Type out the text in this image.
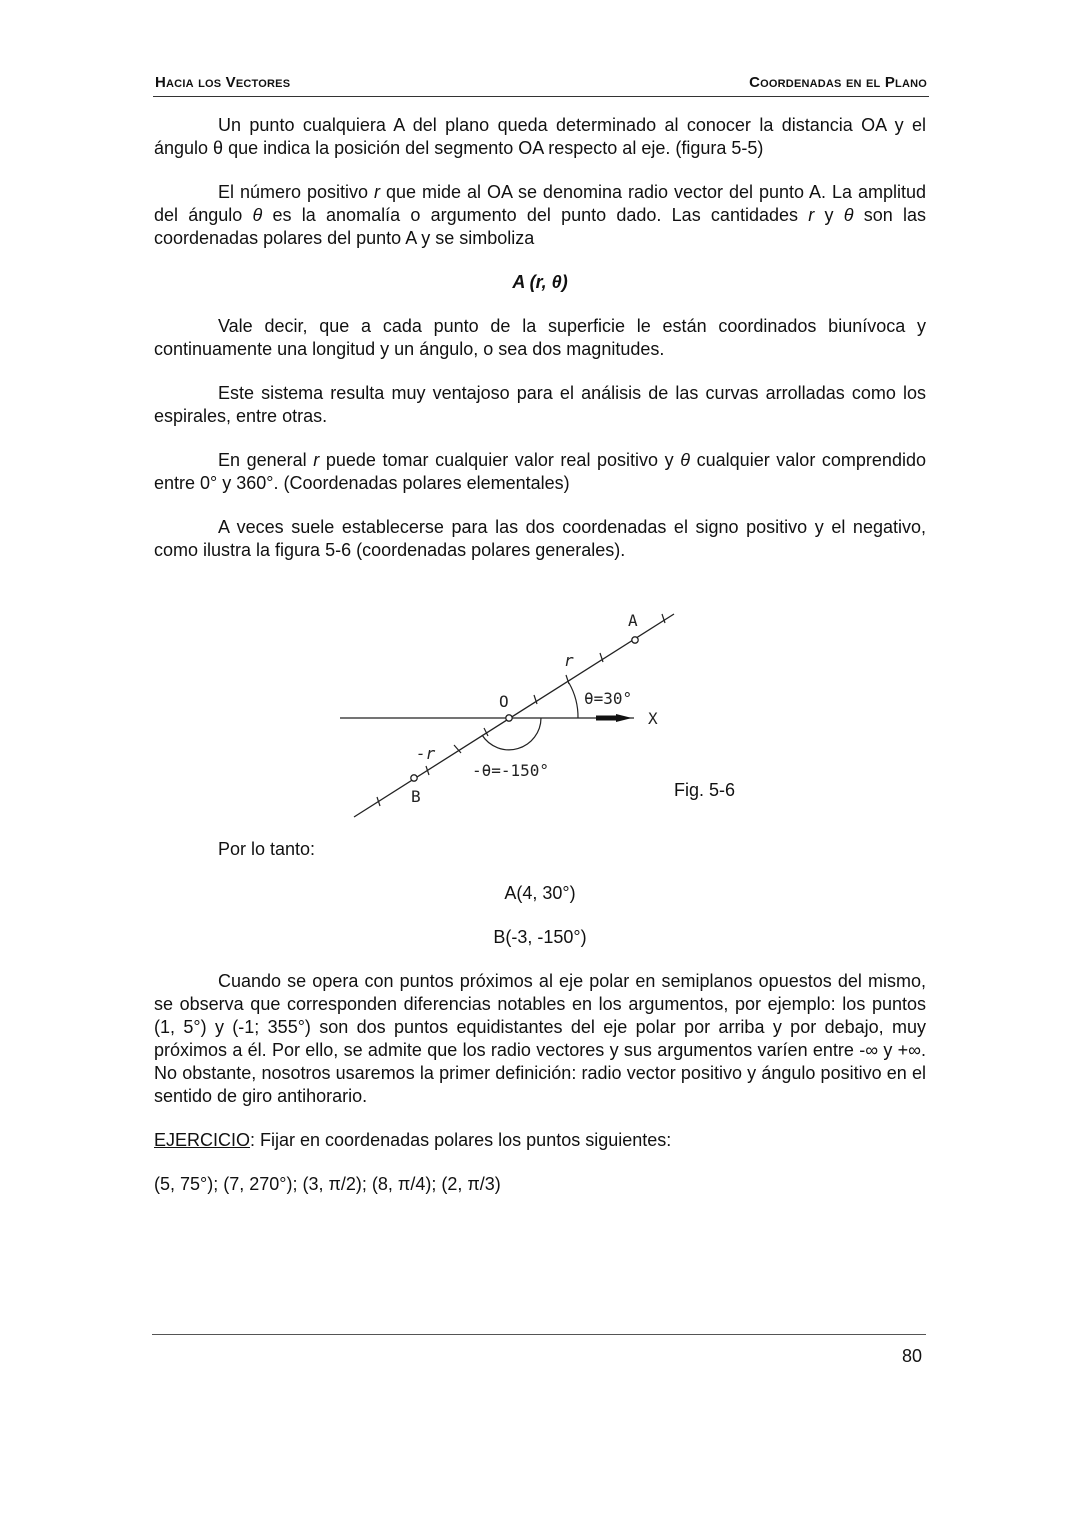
Hacia los Vectores	Coordenadas en el Plano

Un punto cualquiera A del plano queda determinado al conocer la distancia OA y el ángulo θ que indica la posición del segmento OA respecto al eje. (figura 5-5)

El número positivo r que mide al OA se denomina radio vector del punto A. La amplitud del ángulo θ es la anomalía o argumento del punto dado. Las cantidades r y θ son las coordenadas polares del punto A y se simboliza

A (r, θ)

Vale decir, que a cada punto de la superficie le están coordinados biunívoca y continuamente una longitud y un ángulo, o sea dos magnitudes.

Este sistema resulta muy ventajoso para el análisis de las curvas arrolladas como los espirales, entre otras.

En general r puede tomar cualquier valor real positivo y θ cualquier valor comprendido entre 0° y 360°. (Coordenadas polares elementales)

A veces suele establecerse para las dos coordenadas el signo positivo y el negativo, como ilustra la figura 5-6 (coordenadas polares generales).

A
O
B
X
r
-r
θ=30°
-θ=-150°
Fig. 5-6

Por lo tanto:

A(4, 30°)

B(-3, -150°)

Cuando se opera con puntos próximos al eje polar en semiplanos opuestos del mismo, se observa que corresponden diferencias notables en los argumentos, por ejemplo: los puntos (1, 5°) y (-1; 355°) son dos puntos equidistantes del eje polar por arriba y por debajo, muy próximos a él. Por ello, se admite que los radio vectores y sus argumentos varíen entre -∞ y +∞. No obstante, nosotros usaremos la primer definición: radio vector positivo y ángulo positivo en el sentido de giro antihorario.

EJERCICIO: Fijar en coordenadas polares los puntos siguientes:

(5, 75°); (7, 270°); (3, π/2); (8, π/4); (2, π/3)

80
